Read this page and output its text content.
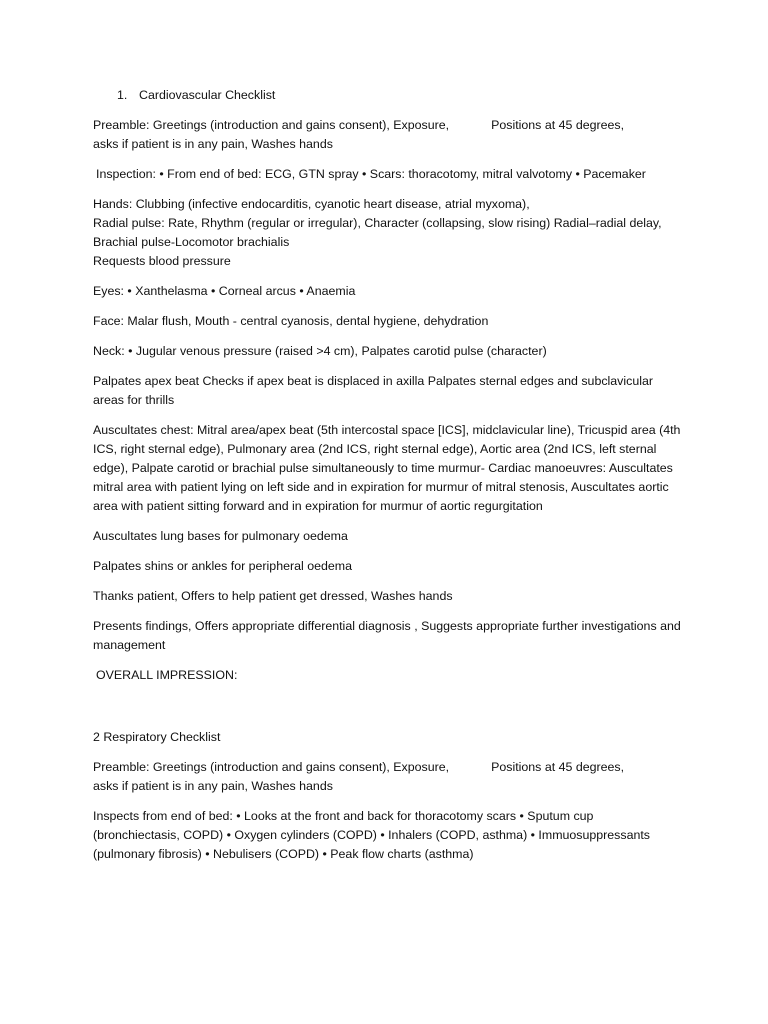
1. Cardiovascular Checklist

Preamble: Greetings (introduction and gains consent), Exposure,	Positions at 45 degrees,
asks if patient is in any pain, Washes hands

Inspection: • From end of bed: ECG, GTN spray • Scars: thoracotomy, mitral valvotomy • Pacemaker

Hands: Clubbing (infective endocarditis, cyanotic heart disease, atrial myxoma),
Radial pulse: Rate, Rhythm (regular or irregular), Character (collapsing, slow rising) Radial–radial delay, Brachial pulse-Locomotor brachialis
Requests blood pressure

Eyes: • Xanthelasma • Corneal arcus • Anaemia

Face: Malar flush, Mouth - central cyanosis, dental hygiene, dehydration

Neck: • Jugular venous pressure (raised >4 cm), Palpates carotid pulse (character)

Palpates apex beat Checks if apex beat is displaced in axilla Palpates sternal edges and subclavicular areas for thrills

Auscultates chest: Mitral area/apex beat (5th intercostal space [ICS], midclavicular line), Tricuspid area (4th ICS, right sternal edge), Pulmonary area (2nd ICS, right sternal edge), Aortic area (2nd ICS, left sternal edge), Palpate carotid or brachial pulse simultaneously to time murmur- Cardiac manoeuvres: Auscultates mitral area with patient lying on left side and in expiration for murmur of mitral stenosis, Auscultates aortic area with patient sitting forward and in expiration for murmur of aortic regurgitation

Auscultates lung bases for pulmonary oedema

Palpates shins or ankles for peripheral oedema

Thanks patient, Offers to help patient get dressed, Washes hands

Presents findings, Offers appropriate differential diagnosis , Suggests appropriate further investigations and management

OVERALL IMPRESSION:

2 Respiratory Checklist

Preamble: Greetings (introduction and gains consent), Exposure,	Positions at 45 degrees,
asks if patient is in any pain, Washes hands

Inspects from end of bed: • Looks at the front and back for thoracotomy scars • Sputum cup (bronchiectasis, COPD) • Oxygen cylinders (COPD) • Inhalers (COPD, asthma) • Immuosuppressants (pulmonary fibrosis) • Nebulisers (COPD) • Peak flow charts (asthma)
